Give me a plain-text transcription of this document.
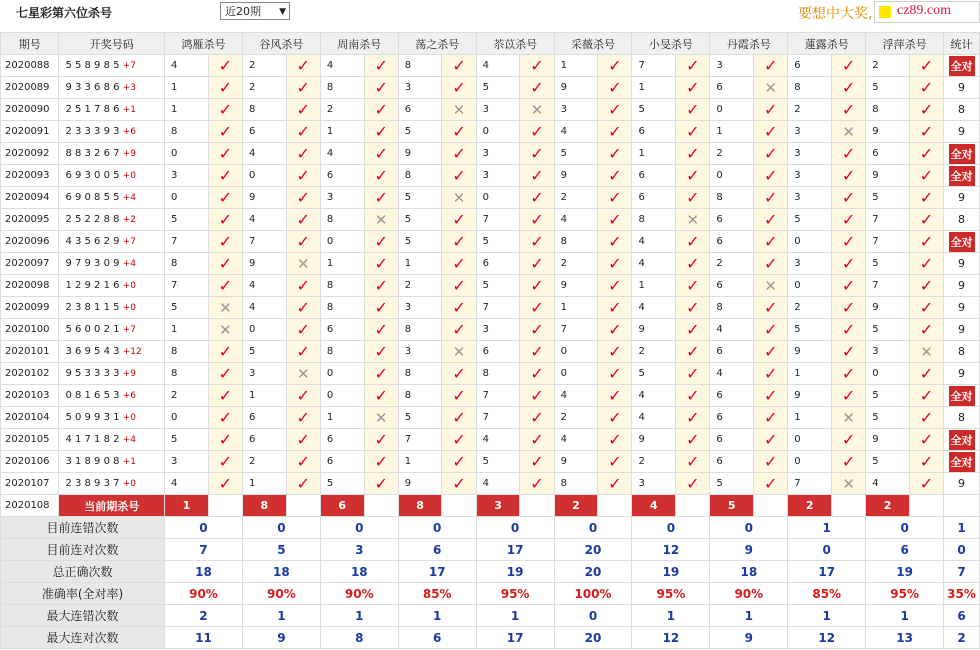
七星彩第六位杀号	近20期 ▼	要想中大奖, cz89.com
期号	开奖号码	鸿雁杀号		谷风杀号		周南杀号		荡之杀号		苶苡杀号		采薇杀号		小旻杀号		丹霞杀号		蓮露杀号		浮萍杀号		统计
2020088	5 5 8 9 8 5 +7	4	✓	2	✓	4	✓	8	✓	4	✓	1	✓	7	✓	3	✓	6	✓	2	✓	全对
2020089	9 3 3 6 8 6 +3	1	✓	2	✓	8	✓	3	✓	5	✓	9	✓	1	✓	6	✕	8	✓	5	✓	9
2020090	2 5 1 7 8 6 +1	1	✓	8	✓	2	✓	6	✕	3	✕	3	✓	5	✓	0	✓	2	✓	8	✓	8
2020091	2 3 3 3 9 3 +6	8	✓	6	✓	1	✓	5	✓	0	✓	4	✓	6	✓	1	✓	3	✕	9	✓	9
2020092	8 8 3 2 6 7 +9	0	✓	4	✓	4	✓	9	✓	3	✓	5	✓	1	✓	2	✓	3	✓	6	✓	全对
2020093	6 9 3 0 0 5 +0	3	✓	0	✓	6	✓	8	✓	3	✓	9	✓	6	✓	0	✓	3	✓	9	✓	全对
2020094	6 9 0 8 5 5 +4	0	✓	9	✓	3	✓	5	✕	0	✓	2	✓	6	✓	8	✓	3	✓	5	✓	9
2020095	2 5 2 2 8 8 +2	5	✓	4	✓	8	✕	5	✓	7	✓	4	✓	8	✕	6	✓	5	✓	7	✓	8
2020096	4 3 5 6 2 9 +7	7	✓	7	✓	0	✓	5	✓	5	✓	8	✓	4	✓	6	✓	0	✓	7	✓	全对
2020097	9 7 9 3 0 9 +4	8	✓	9	✕	1	✓	1	✓	6	✓	2	✓	4	✓	2	✓	3	✓	5	✓	9
2020098	1 2 9 2 1 6 +0	7	✓	4	✓	8	✓	2	✓	5	✓	9	✓	1	✓	6	✕	0	✓	7	✓	9
2020099	2 3 8 1 1 5 +0	5	✕	4	✓	8	✓	3	✓	7	✓	1	✓	4	✓	8	✓	2	✓	9	✓	9
2020100	5 6 0 0 2 1 +7	1	✕	0	✓	6	✓	8	✓	3	✓	7	✓	9	✓	4	✓	5	✓	5	✓	9
2020101	3 6 9 5 4 3 +12	8	✓	5	✓	8	✓	3	✕	6	✓	0	✓	2	✓	6	✓	9	✓	3	✕	8
2020102	9 5 3 3 3 3 +9	8	✓	3	✕	0	✓	8	✓	8	✓	0	✓	5	✓	4	✓	1	✓	0	✓	9
2020103	0 8 1 6 5 3 +6	2	✓	1	✓	0	✓	8	✓	7	✓	4	✓	4	✓	6	✓	9	✓	5	✓	全对
2020104	5 0 9 9 3 1 +0	0	✓	6	✓	1	✕	5	✓	7	✓	2	✓	4	✓	6	✓	1	✕	5	✓	8
2020105	4 1 7 1 8 2 +4	5	✓	6	✓	6	✓	7	✓	4	✓	4	✓	9	✓	6	✓	0	✓	9	✓	全对
2020106	3 1 8 9 0 8 +1	3	✓	2	✓	6	✓	1	✓	5	✓	9	✓	2	✓	6	✓	0	✓	5	✓	全对
2020107	2 3 8 9 3 7 +0	4	✓	1	✓	5	✓	9	✓	4	✓	8	✓	3	✓	5	✓	7	✕	4	✓	9
2020108	当前期杀号	1		8		6		8		3		2		4		5		2		2		
目前连错次数		0		0		0		0		0		0		0		0		1		0		1
目前连对次数		7		5		3		6		17		20		12		9		0		6		0
总正确次数		18		18		18		17		19		20		19		18		17		19		7
准确率(全对率)		90%		90%		90%		85%		95%		100%		95%		90%		85%		95%		35%
最大连错次数		2		1		1		1		1		0		1		1		1		1		6
最大连对次数		11		9		8		6		17		20		12		9		12		13		2
